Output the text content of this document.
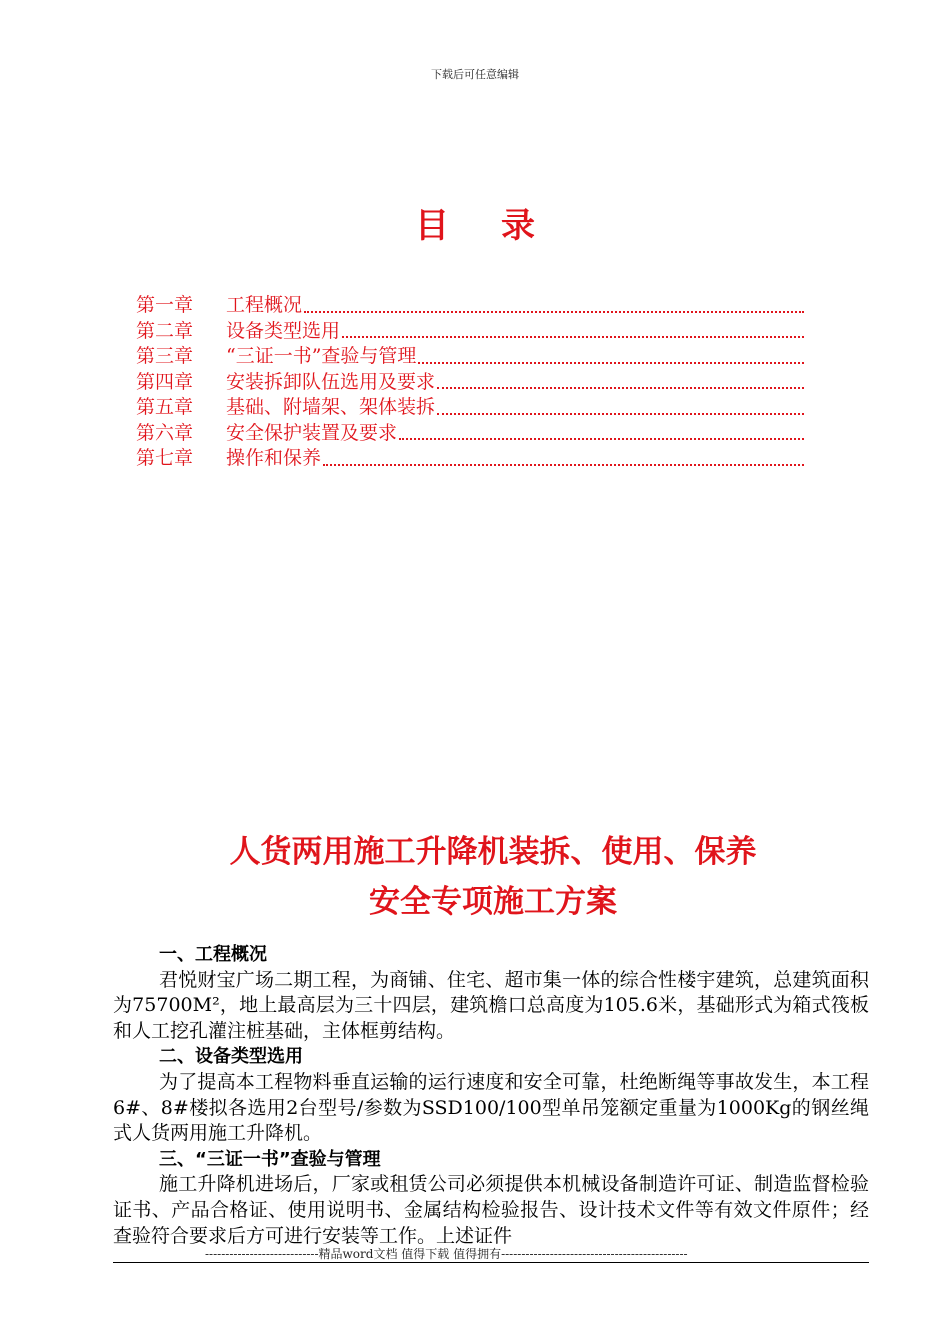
下载后可任意编辑
目录
第一章	工程概况
第二章	设备类型选用
第三章	“三证一书”查验与管理
第四章	安装拆卸队伍选用及要求
第五章	基础、附墙架、架体装拆
第六章	安全保护装置及要求
第七章	操作和保养
人货两用施工升降机装拆、使用、保养
安全专项施工方案
一、工程概况
君悦财宝广场二期工程，为商铺、住宅、超市集一体的综合性楼宇建筑，总建筑面积为75700M²，地上最高层为三十四层，建筑檐口总高度为105.6米，基础形式为箱式筏板和人工挖孔灌注桩基础，主体框剪结构。
二、设备类型选用
为了提高本工程物料垂直运输的运行速度和安全可靠，杜绝断绳等事故发生，本工程6#、8#楼拟各选用2台型号/参数为SSD100/100型单吊笼额定重量为1000Kg的钢丝绳式人货两用施工升降机。
三、“三证一书”查验与管理
施工升降机进场后，厂家或租赁公司必须提供本机械设备制造许可证、制造监督检验证书、产品合格证、使用说明书、金属结构检验报告、设计技术文件等有效文件原件；经查验符合要求后方可进行安装等工作。上述证件
----------------------------精品word文档 值得下载 值得拥有----------------------------------------------
